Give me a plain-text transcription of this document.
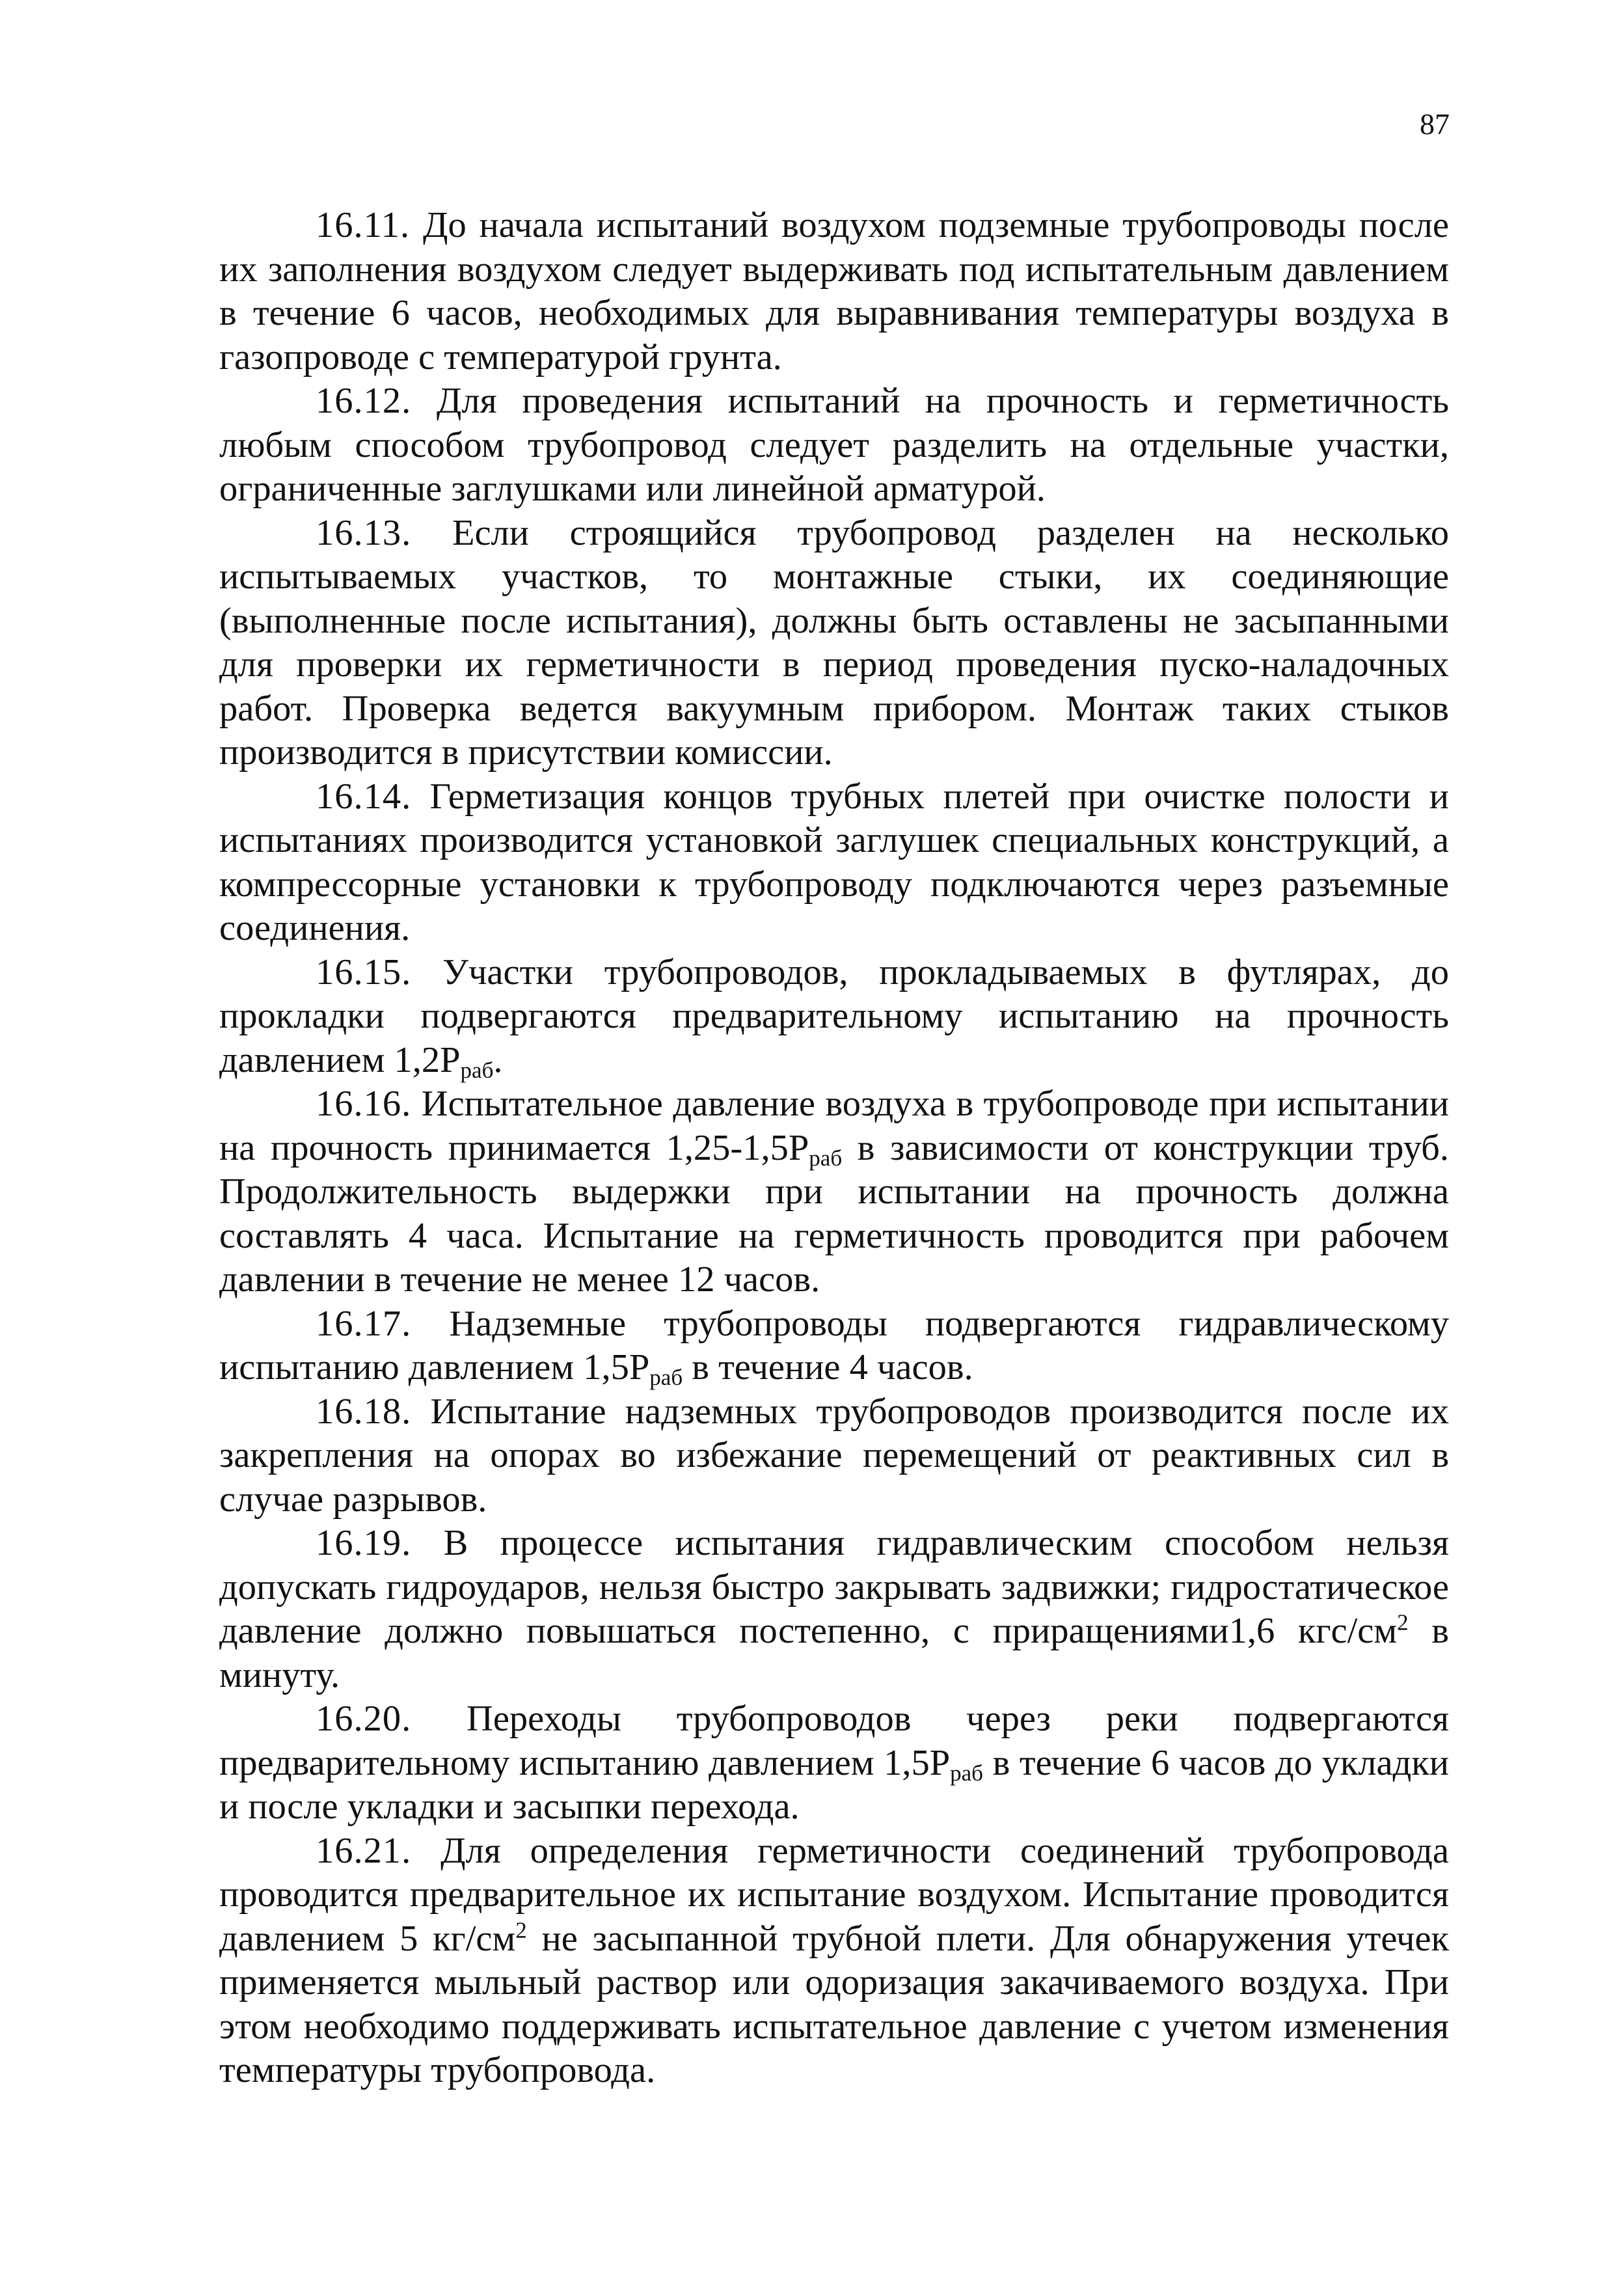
87

16.11. До начала испытаний воздухом подземные трубопроводы после их заполнения воздухом следует выдерживать под испытательным давлением в течение 6 часов, необходимых для выравнивания температуры воздуха в газопроводе с температурой грунта.

16.12. Для проведения испытаний на прочность и герметичность любым способом трубопровод следует разделить на отдельные участки, ограниченные заглушками или линейной арматурой.

16.13. Если строящийся трубопровод разделен на несколько испытываемых участков, то монтажные стыки, их соединяющие (выполненные после испытания), должны быть оставлены не засыпанными для проверки их герметичности в период проведения пуско-наладочных работ. Проверка ведется вакуумным прибором. Монтаж таких стыков производится в присутствии комиссии.

16.14. Герметизация концов трубных плетей при очистке полости и испытаниях производится установкой заглушек специальных конструкций, а компрессорные установки к трубопроводу подключаются через разъемные соединения.

16.15. Участки трубопроводов, прокладываемых в футлярах, до прокладки подвергаются предварительному испытанию на прочность давлением $1,2Р_{раб}$.

16.16. Испытательное давление воздуха в трубопроводе при испытании на прочность принимается $1,25-1,5Р_{раб}$ в зависимости от конструкции труб. Продолжительность выдержки при испытании на прочность должна составлять 4 часа. Испытание на герметичность проводится при рабочем давлении в течение не менее 12 часов.

16.17. Надземные трубопроводы подвергаются гидравлическому испытанию давлением $1,5Р_{раб}$ в течение 4 часов.

16.18. Испытание надземных трубопроводов производится после их закрепления на опорах во избежание перемещений от реактивных сил в случае разрывов.

16.19. В процессе испытания гидравлическим способом нельзя допускать гидроударов, нельзя быстро закрывать задвижки; гидростатическое давление должно повышаться постепенно, с приращениями1,6 кгс/$см^2$ в минуту.

16.20. Переходы трубопроводов через реки подвергаются предварительному испытанию давлением $1,5Р_{раб}$ в течение 6 часов до укладки и после укладки и засыпки перехода.

16.21. Для определения герметичности соединений трубопровода проводится предварительное их испытание воздухом. Испытание проводится давлением 5 $кг/см^2$ не засыпанной трубной плети. Для обнаружения утечек применяется мыльный раствор или одоризация закачиваемого воздуха. При этом необходимо поддерживать испытательное давление с учетом изменения температуры трубопровода.
